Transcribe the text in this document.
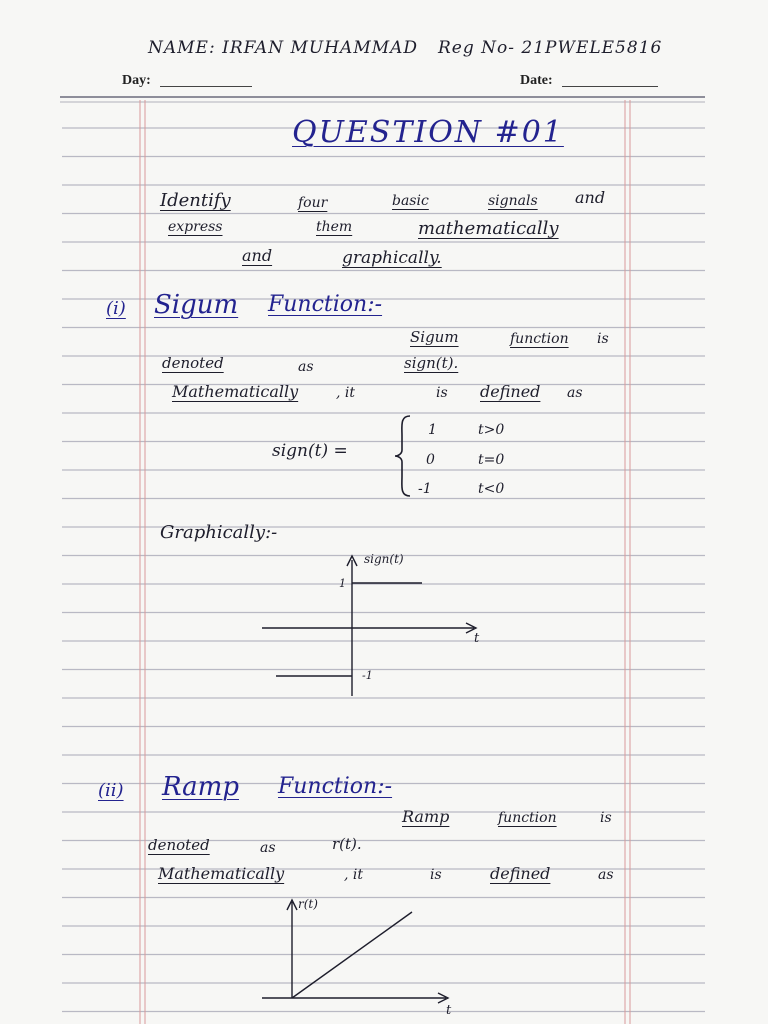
NAME: IRFAN MUHAMMAD Reg No- 21PWELE5816
Day:	Date:
QUESTION #01
Identify	four	basic	signals and
express	them	mathematically
and	graphically.
(i) Sigum Function:-
Sigum	function is
denoted	as	sign(t).
Mathematically	, it	is defined as
sign(t) =
1	t>0
0	t=0
-1	t<0
Graphically:-
sign(t)
1
-1
t
(ii) Ramp Function:-
Ramp	function	is
denoted	as	r(t).
Mathematically	, it	is	defined	as
r(t)
t
